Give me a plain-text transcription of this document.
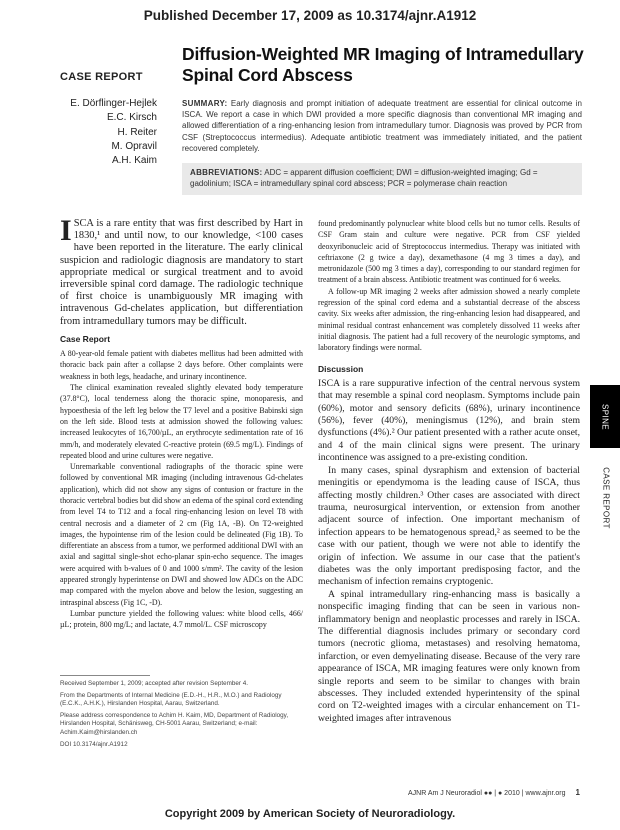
Published December 17, 2009 as 10.3174/ajnr.A1912
CASE REPORT
Diffusion-Weighted MR Imaging of Intramedullary Spinal Cord Abscess
E. Dörflinger-Hejlek
E.C. Kirsch
H. Reiter
M. Opravil
A.H. Kaim
SUMMARY: Early diagnosis and prompt initiation of adequate treatment are essential for clinical outcome in ISCA. We report a case in which DWI provided a more specific diagnosis than conventional MR imaging and allowed differentiation of a ring-enhancing lesion from intramedullary tumor. Diagnosis was proved by PCR from CSF (Streptococcus intermedius). Adequate antibiotic treatment was immediately initiated, and the patient recovered completely.
ABBREVIATIONS: ADC = apparent diffusion coefficient; DWI = diffusion-weighted imaging; Gd = gadolinium; ISCA = intramedullary spinal cord abscess; PCR = polymerase chain reaction

ISCA is a rare entity that was first described by Hart in 1830,¹ and until now, to our knowledge, <100 cases have been reported in the literature. The early clinical suspicion and radiologic diagnosis are mandatory to start appropriate medical or surgical treatment and to avoid irreversible spinal cord damage. The radiologic technique of first choice is unambiguously MR imaging with intravenous Gd-chelates application, but differentiation from intramedullary tumors may be difficult.

Case Report

A 80-year-old female patient with diabetes mellitus had been admitted with thoracic back pain after a collapse 2 days before. Other complaints were weakness in both legs, headache, and urinary incontinence.

The clinical examination revealed slightly elevated body temperature (37.8°C), local tenderness along the thoracic spine, monoparesis, and hypoesthesia of the left leg below the T7 level and a positive Babinski sign on the left side. Blood tests at admission showed the following values: increased leukocytes of 16,700/µL, an erythrocyte sedimentation rate of 16 mm/h, and moderately elevated C-reactive protein (69.5 mg/L). Findings of repeated blood and urine cultures were negative.

Unremarkable conventional radiographs of the thoracic spine were followed by conventional MR imaging (including intravenous Gd-chelates application), which did not show any signs of contusion or fracture in the thoracic vertebral bodies but did show an edema of the spinal cord extending from level T4 to T12 and a focal ring-enhancing lesion on level T8 with central necrosis and a diameter of 2 cm (Fig 1A, -B). On T2-weighted images, the hypointense rim of the lesion could be delineated (Fig 1B). To differentiate an abscess from a tumor, we performed additional DWI with an axial and sagittal single-shot echo-planar spin-echo sequence. The images were acquired with b-values of 0 and 1000 s/mm². The cavity of the lesion appeared strongly hyperintense on DWI and showed low ADCs on the ADC map compared with the myelon above and below the lesion, suggesting an intraspinal abscess (Fig 1C, -D).

Lumbar puncture yielded the following values: white blood cells, 466/µL; protein, 800 mg/L; and lactate, 4.7 mmol/L. CSF microscopy

Received September 1, 2009; accepted after revision September 4.

From the Departments of Internal Medicine (E.D.-H., H.R., M.O.) and Radiology (E.C.K., A.H.K.), Hirslanden Hospital, Aarau, Switzerland.

Please address correspondence to Achim H. Kaim, MD, Department of Radiology, Hirslanden Hospital, Schänisweg, CH-5001 Aarau, Switzerland; e-mail: Achim.Kaim@hirslanden.ch

DOI 10.3174/ajnr.A1912

found predominantly polynuclear white blood cells but no tumor cells. Results of CSF Gram stain and culture were negative. PCR from CSF yielded deoxyribonucleic acid of Streptococcus intermedius. Therapy was initiated with ceftriaxone (2 g twice a day), dexamethasone (4 mg 3 times a day), and metronidazole (500 mg 3 times a day), corresponding to our standard regimen for treatment of a brain abscess. Antibiotic treatment was continued for 6 weeks.

A follow-up MR imaging 2 weeks after admission showed a nearly complete regression of the spinal cord edema and a substantial decrease of the abscess cavity. Six weeks after admission, the ring-enhancing lesion had disappeared, and minimal residual contrast enhancement was completely dissolved 11 weeks after initial diagnosis. The patient had a full recovery of the neurologic symptoms, and laboratory findings were normal.

Discussion

ISCA is a rare suppurative infection of the central nervous system that may resemble a spinal cord neoplasm. Symptoms include pain (60%), motor and sensory deficits (68%), urinary incontinence (56%), fever (40%), meningismus (12%), and brain stem dysfunctions (4%).² Our patient presented with a rather acute onset, and 4 of the main clinical signs were present. The urinary incontinence was assigned to a pre-existing condition.

In many cases, spinal dysraphism and extension of bacterial meningitis or ependymoma is the leading cause of ISCA, thus affecting mostly children.³ Other cases are associated with direct trauma, neurosurgical intervention, or extension from another adjacent source of infection. One important mechanism of infection appears to be hematogenous spread,² as seemed to be the case with our patient, though we were not able to identify the origin of infection. We assume in our case that the patient's diabetes was the only important predisposing factor, and the mechanism of infection remains cryptogenic.

A spinal intramedullary ring-enhancing mass is basically a nonspecific imaging finding that can be seen in various non-inflammatory benign and neoplastic processes and rarely in ISCA. The differential diagnosis includes primary or secondary cord tumors (necrotic glioma, metastases) and resolving hematoma, infarction, or even demyelinating disease. Because of the very rare appearance of ISCA, MR imaging features were only known from single reports and seem to be similar to changes with brain abscesses. They included extended hyperintensity of the spinal cord on T2-weighted images with a circular enhancement on T1-weighted images after intravenous

SPINE
CASE REPORT
AJNR Am J Neuroradiol ●● | ● 2010 | www.ajnr.org 1
Copyright 2009 by American Society of Neuroradiology.
